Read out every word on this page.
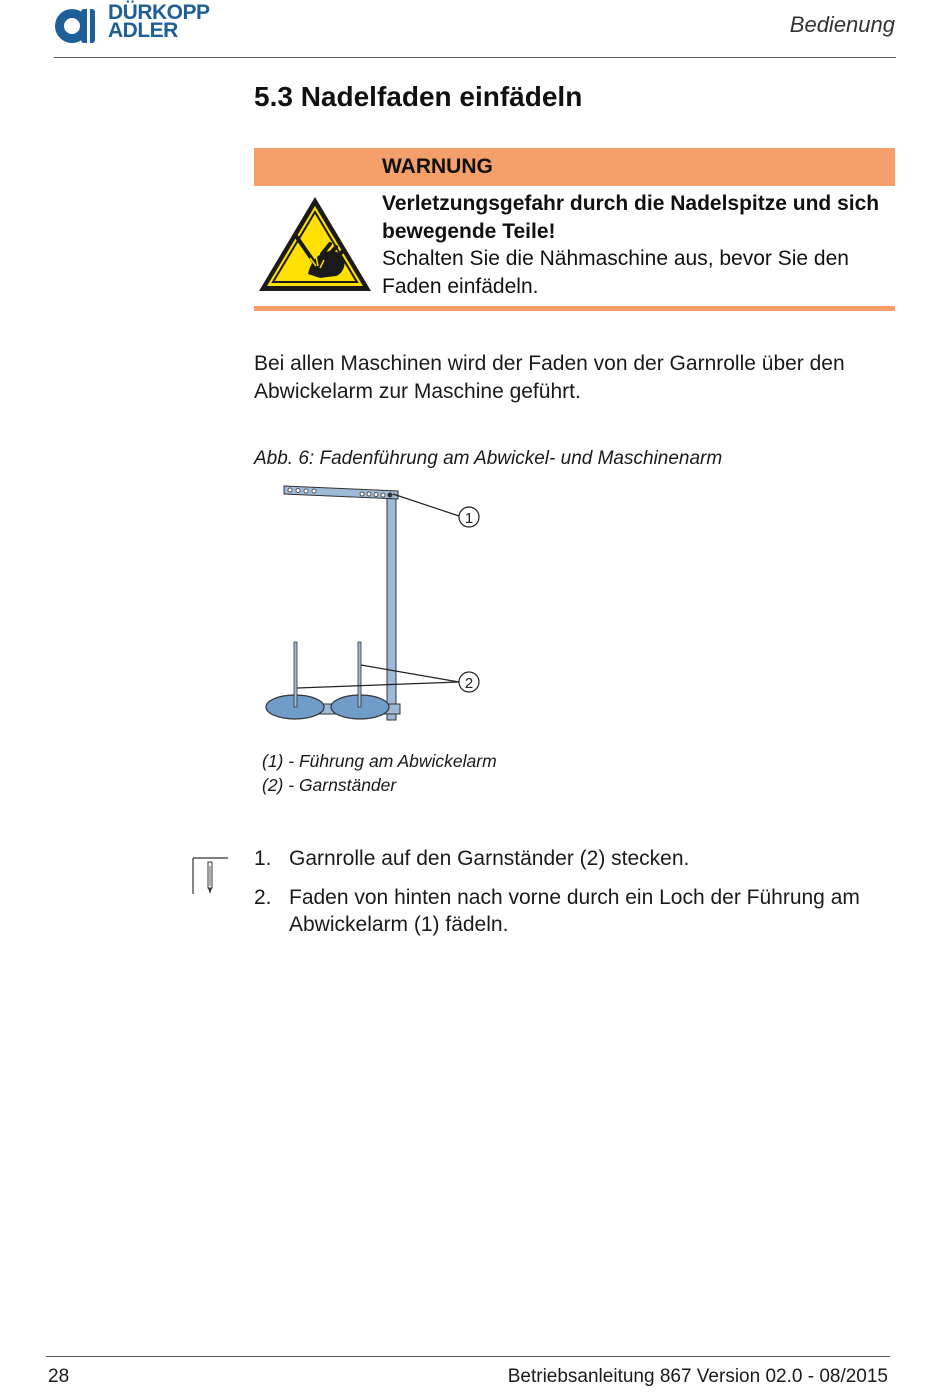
DÜRKOPP
ADLER	Bedienung
5.3 Nadelfaden einfädeln
WARNUNG
Verletzungsgefahr durch die Nadelspitze und sich bewegende Teile!
Schalten Sie die Nähmaschine aus, bevor Sie den Faden einfädeln.
Bei allen Maschinen wird der Faden von der Garnrolle über den Abwickelarm zur Maschine geführt.
Abb. 6: Fadenführung am Abwickel- und Maschinenarm
1
2
(1) - Führung am Abwickelarm
(2) - Garnständer
1. Garnrolle auf den Garnständer (2) stecken.
2. Faden von hinten nach vorne durch ein Loch der Führung am Abwickelarm (1) fädeln.
28	Betriebsanleitung 867 Version 02.0 - 08/2015
